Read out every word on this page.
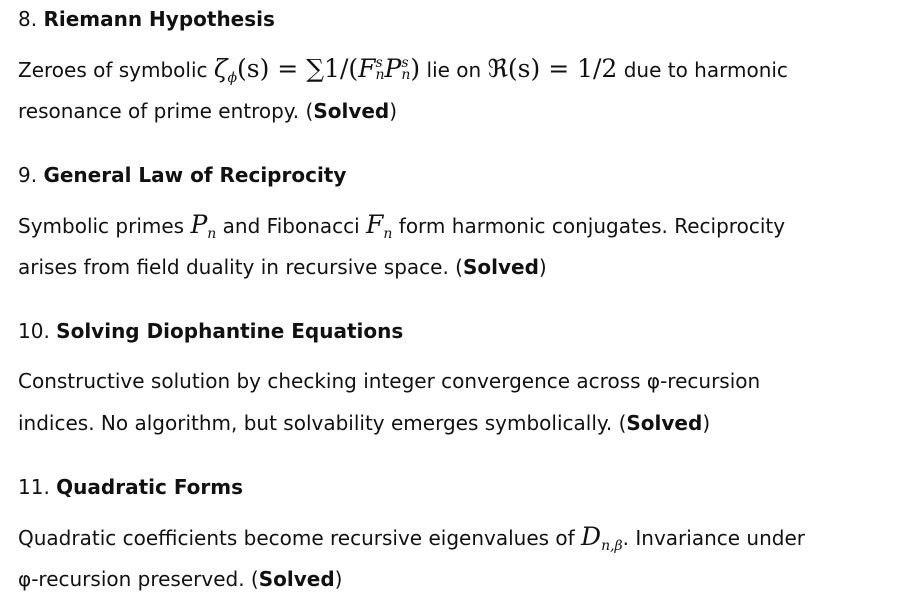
8. Riemann Hypothesis
Zeroes of symbolic $\zeta_\phi(s) = \sum 1/(F$ s
n P s
n ) lie on ℜ(s) = 1/2 due to harmonic
resonance of prime entropy. (Solved)
9. General Law of Reciprocity
Symbolic primes $P_n$ and Fibonacci $F_n$ form harmonic conjugates. Reciprocity
arises from field duality in recursive space. (Solved)
10. Solving Diophantine Equations
Constructive solution by checking integer convergence across φ-recursion
indices. No algorithm, but solvability emerges symbolically. (Solved)
11. Quadratic Forms
Quadratic coefficients become recursive eigenvalues of $D_{n,\beta}$. Invariance under
φ-recursion preserved. (Solved)
